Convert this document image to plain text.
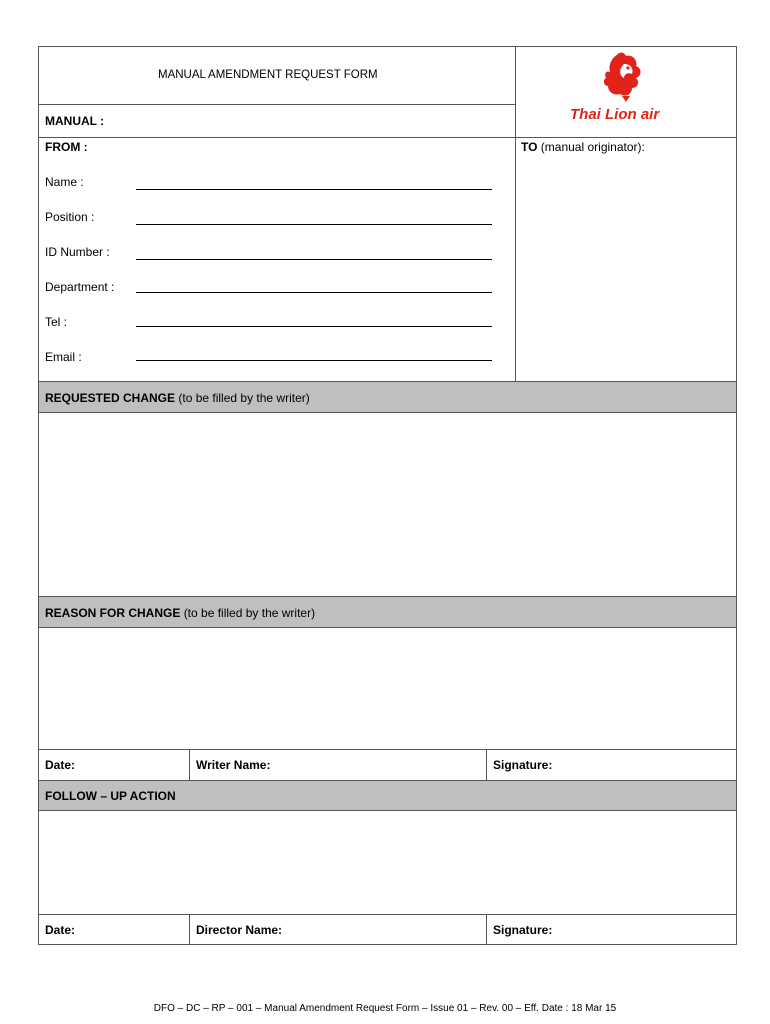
MANUAL AMENDMENT REQUEST FORM
Thai Lion air
MANUAL :
FROM :	TO (manual originator):
Name :
Position :
ID Number :
Department :
Tel :
Email :
REQUESTED CHANGE (to be filled by the writer)
REASON FOR CHANGE (to be filled by the writer)
Date:	Writer Name:	Signature:
FOLLOW – UP ACTION
Date:	Director Name:	Signature:
DFO – DC – RP – 001 – Manual Amendment Request Form – Issue 01 – Rev. 00 – Eff. Date : 18 Mar 15
